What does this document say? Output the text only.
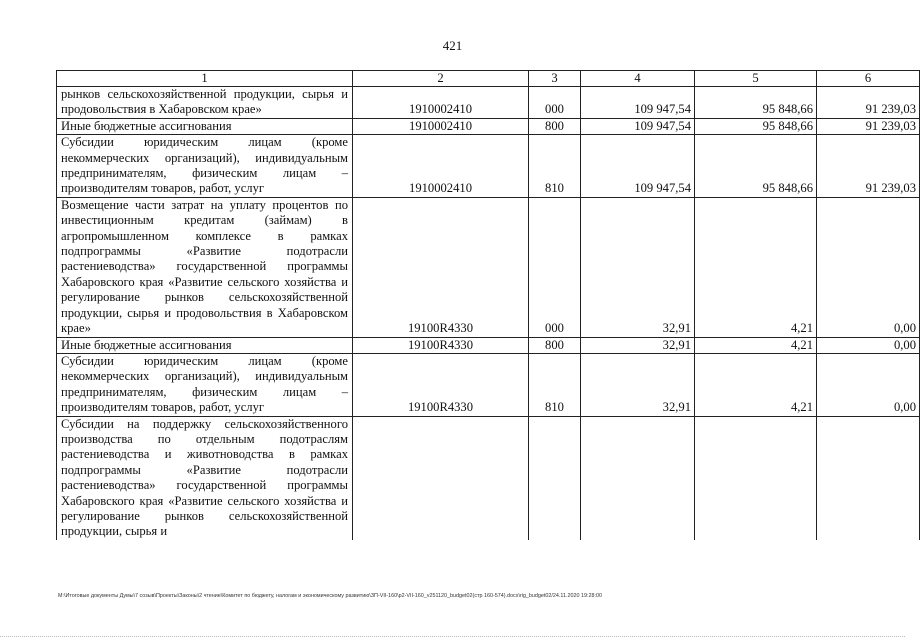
421
1	2	3	4	5	6
рынков сельскохозяйственной продукции, сырья и продовольствия в Хабаровском крае»	1910002410	000	109 947,54	95 848,66	91 239,03
Иные бюджетные ассигнования	1910002410	800	109 947,54	95 848,66	91 239,03
Субсидии юридическим лицам (кроме некоммерческих организаций), индивидуальным предпринимателям, физическим лицам – производителям товаров, работ, услуг	1910002410	810	109 947,54	95 848,66	91 239,03
Возмещение части затрат на уплату процентов по инвестиционным кредитам (займам) в агропромышленном комплексе в рамках подпрограммы «Развитие подотрасли растениеводства» государственной программы Хабаровского края «Развитие сельского хозяйства и регулирование рынков сельскохозяйственной продукции, сырья и продовольствия в Хабаровском крае»	19100R4330	000	32,91	4,21	0,00
Иные бюджетные ассигнования	19100R4330	800	32,91	4,21	0,00
Субсидии юридическим лицам (кроме некоммерческих организаций), индивидуальным предпринимателям, физическим лицам – производителям товаров, работ, услуг	19100R4330	810	32,91	4,21	0,00
Субсидии на поддержку сельскохозяйственного производства по отдельным подотраслям растениеводства и животноводства в рамках подпрограммы «Развитие подотрасли растениеводства» государственной программы Хабаровского края «Развитие сельского хозяйства и регулирование рынков сельскохозяйственной продукции, сырья и					
M:\Итоговые документы Думы\7 созыв\Проекты\Законы\2 чтение\Комитет по бюджету, налогам и экономическому развитию\ЗП-VII-160\р2-VII-160_v251120_budget02(стр 160-574).docx\rig_budget02/24.11.2020 19:28:00
